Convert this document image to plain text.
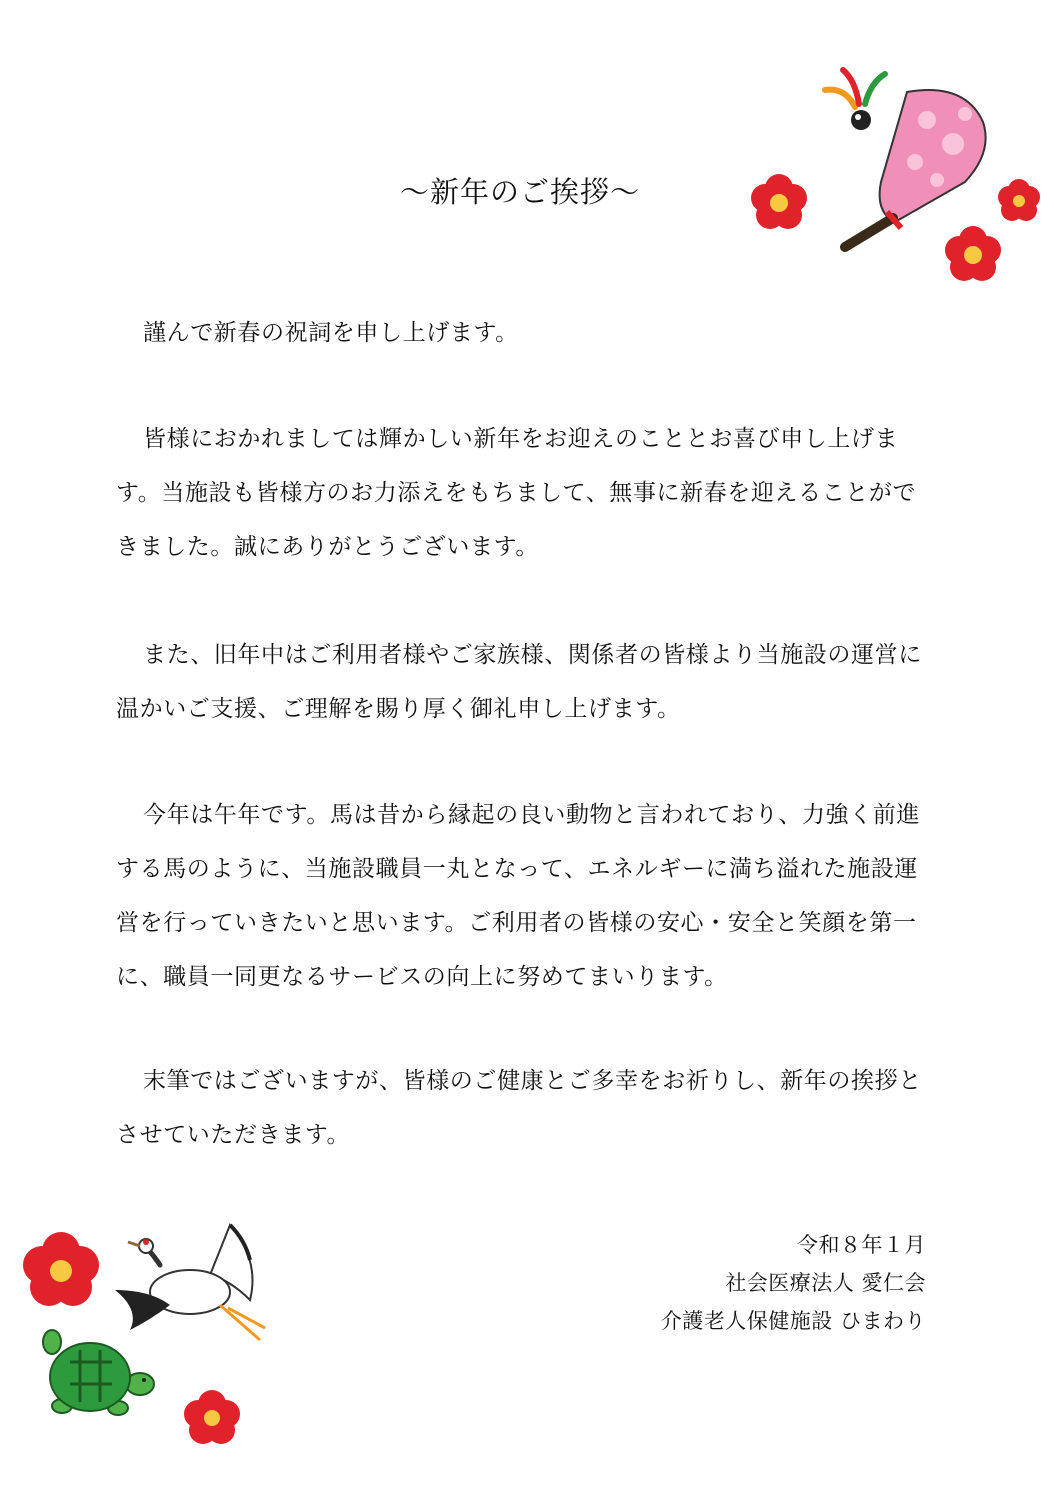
～新年のご挨拶～

謹んで新春の祝詞を申し上げます。

皆様におかれましては輝かしい新年をお迎えのこととお喜び申し上げます。当施設も皆様方のお力添えをもちまして、無事に新春を迎えることができました。誠にありがとうございます。

また、旧年中はご利用者様やご家族様、関係者の皆様より当施設の運営に温かいご支援、ご理解を賜り厚く御礼申し上げます。

今年は午年です。馬は昔から縁起の良い動物と言われており、力強く前進する馬のように、当施設職員一丸となって、エネルギーに満ち溢れた施設運営を行っていきたいと思います。ご利用者の皆様の安心・安全と笑顔を第一に、職員一同更なるサービスの向上に努めてまいります。

末筆ではございますが、皆様のご健康とご多幸をお祈りし、新年の挨拶とさせていただきます。

令和８年１月
社会医療法人 愛仁会
介護老人保健施設 ひまわり
